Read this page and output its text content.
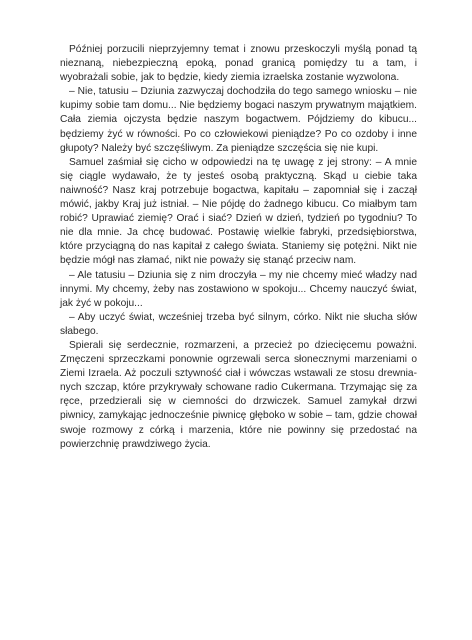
Później porzucili nieprzyjemny temat i znowu przeskoczyli myślą ponad tą nieznaną, niebezpieczną epoką, ponad granicą pomiędzy tu a tam, i wyobrażali sobie, jak to będzie, kiedy ziemia izraelska zostanie wyzwolona.

– Nie, tatusiu – Dziunia zazwyczaj dochodziła do tego samego wniosku – nie kupimy sobie tam domu... Nie będziemy bogaci naszym prywatnym majątkiem. Cała ziemia ojczysta będzie naszym bogactwem. Pójdziemy do kibucu... będziemy żyć w równości. Po co człowiekowi pieniądze? Po co ozdoby i inne głupoty? Należy być szczęśliwym. Za pieniądze szczęścia się nie kupi.

Samuel zaśmiał się cicho w odpowiedzi na tę uwagę z jej strony: – A mnie się ciągle wydawało, że ty jesteś osobą praktyczną. Skąd u ciebie taka naiwność? Nasz kraj potrzebuje bogactwa, kapitału – zapomniał się i zaczął mówić, jakby Kraj już istniał. – Nie pójdę do żadnego kibucu. Co miałbym tam robić? Uprawiać ziemię? Orać i siać? Dzień w dzień, tydzień po tygodniu? To nie dla mnie. Ja chcę budować. Postawię wielkie fabryki, przedsiębiorstwa, które przyciągną do nas kapitał z całego świata. Staniemy się potężni. Nikt nie będzie mógł nas złamać, nikt nie poważy się stanąć przeciw nam.

– Ale tatusiu – Dziunia się z nim droczyła – my nie chcemy mieć władzy nad innymi. My chcemy, żeby nas zostawiono w spokoju... Chcemy nauczyć świat, jak żyć w pokoju...

– Aby uczyć świat, wcześniej trzeba być silnym, córko. Nikt nie słucha słów słabego.

Spierali się serdecznie, rozmarzeni, a przecież po dziecięcemu poważni. Zmęczeni sprzeczkami ponownie ogrzewali serca słonecznymi marzeniami o Ziemi Izraela. Aż poczuli sztywność ciał i wówczas wstawali ze stosu drewnianych szczap, które przykrywały schowane radio Cukermana. Trzymając się za ręce, przedzierali się w ciemności do drzwiczek. Samuel zamykał drzwi piwnicy, zamykając jednocześnie piwnicę głęboko w sobie – tam, gdzie chował swoje rozmowy z córką i marzenia, które nie powinny się przedostać na powierzchnię prawdziwego życia.
